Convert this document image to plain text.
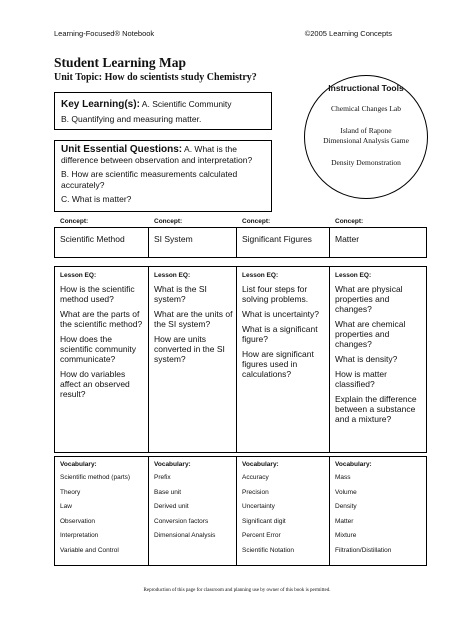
Learning-Focused® Notebook	©2005 Learning Concepts
Student Learning Map
Unit Topic: How do scientists study Chemistry?
Key Learning(s): A. Scientific Community
B. Quantifying and measuring matter.
Unit Essential Questions: A. What is the difference between observation and interpretation?
B. How are scientific measurements calculated accurately?
C. What is matter?
Instructional Tools
Chemical Changes Lab
Island of Rapone
Dimensional Analysis Game
Density Demonstration
Concept:	Concept:	Concept:	Concept:
Scientific Method	SI System	Significant Figures	Matter
Lesson EQ:
How is the scientific method used?
What are the parts of the scientific method?
How does the scientific community communicate?
How do variables affect an observed result?
Lesson EQ:
What is the SI system?
What are the units of the SI system?
How are units converted in the SI system?
Lesson EQ:
List four steps for solving problems.
What is uncertainty?
What is a significant figure?
How are significant figures used in calculations?
Lesson EQ:
What are physical properties and changes?
What are chemical properties and changes?
What is density?
How is matter classified?
Explain the difference between a substance and a mixture?
Vocabulary:
Scientific method (parts)
Theory
Law
Observation
Interpretation
Variable and Control
Vocabulary:
Prefix
Base unit
Derived unit
Conversion factors
Dimensional Analysis
Vocabulary:
Accuracy
Precision
Uncertainty
Significant digit
Percent Error
Scientific Notation
Vocabulary:
Mass
Volume
Density
Matter
Mixture
Filtration/Distillation
Reproduction of this page for classroom and planning use by owner of this book is permitted.
